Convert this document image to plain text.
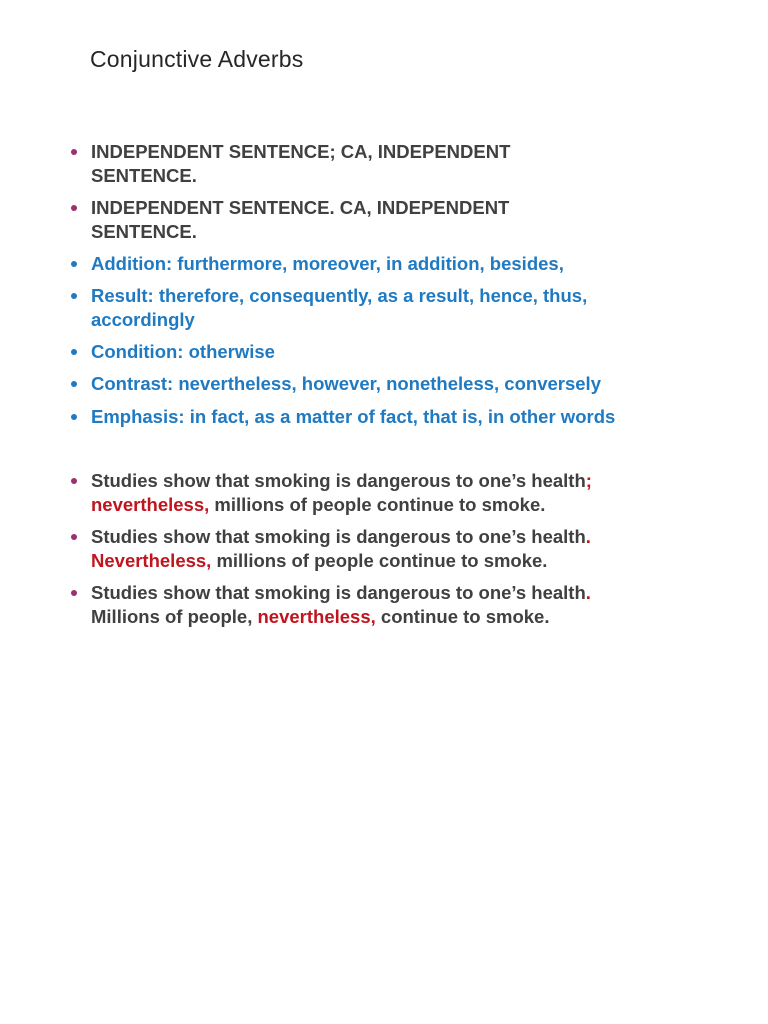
Conjunctive Adverbs
INDEPENDENT SENTENCE; CA, INDEPENDENT
SENTENCE.
INDEPENDENT SENTENCE. CA, INDEPENDENT
SENTENCE.
Addition: furthermore, moreover, in addition, besides,
Result: therefore, consequently, as a result, hence, thus,
accordingly
Condition: otherwise
Contrast: nevertheless, however, nonetheless, conversely
Emphasis: in fact, as a matter of fact, that is, in other words
Studies show that smoking is dangerous to one’s health;
nevertheless, millions of people continue to smoke.
Studies show that smoking is dangerous to one’s health.
Nevertheless, millions of people continue to smoke.
Studies show that smoking is dangerous to one’s health.
Millions of people, nevertheless, continue to smoke.
